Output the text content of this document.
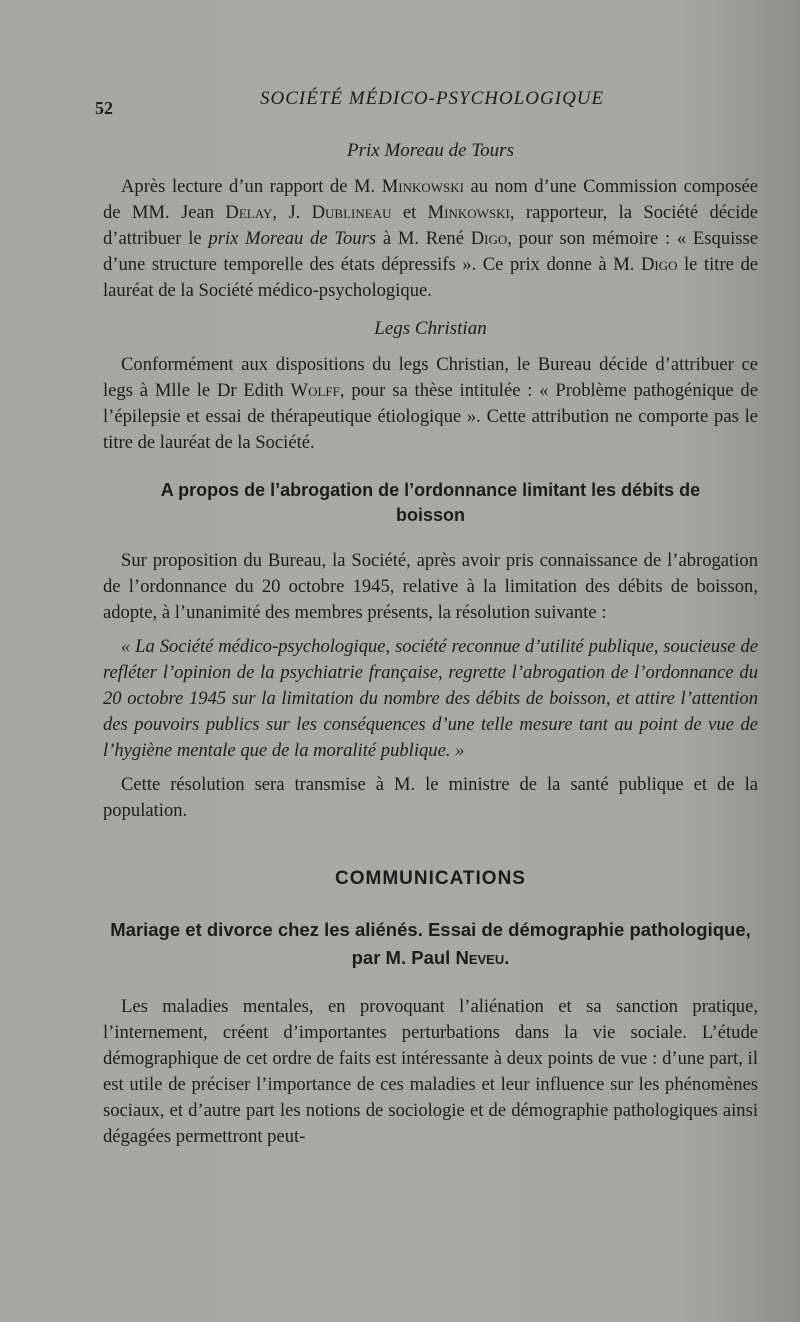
52	SOCIÉTÉ MÉDICO-PSYCHOLOGIQUE
Prix Moreau de Tours

Après lecture d’un rapport de M. Minkowski au nom d’une Commission composée de MM. Jean Delay, J. Dublineau et Minkowski, rapporteur, la Société décide d’attribuer le prix Moreau de Tours à M. René Digo, pour son mémoire : « Esquisse d’une structure temporelle des états dépressifs ». Ce prix donne à M. Digo le titre de lauréat de la Société médico-psychologique.

Legs Christian

Conformément aux dispositions du legs Christian, le Bureau décide d’attribuer ce legs à Mlle le Dr Edith Wolff, pour sa thèse intitulée : « Problème pathogénique de l’épilepsie et essai de thérapeutique étiologique ». Cette attribution ne comporte pas le titre de lauréat de la Société.

A propos de l’abrogation de l’ordonnance limitant les débits de boisson

Sur proposition du Bureau, la Société, après avoir pris connaissance de l’abrogation de l’ordonnance du 20 octobre 1945, relative à la limitation des débits de boisson, adopte, à l’unanimité des membres présents, la résolution suivante :

« La Société médico-psychologique, société reconnue d’utilité publique, soucieuse de refléter l’opinion de la psychiatrie française, regrette l’abrogation de l’ordonnance du 20 octobre 1945 sur la limitation du nombre des débits de boisson, et attire l’attention des pouvoirs publics sur les conséquences d’une telle mesure tant au point de vue de l’hygiène mentale que de la moralité publique. »

Cette résolution sera transmise à M. le ministre de la santé publique et de la population.

COMMUNICATIONS
Mariage et divorce chez les aliénés. Essai de démographie pathologique, par M. Paul Neveu.

Les maladies mentales, en provoquant l’aliénation et sa sanction pratique, l’internement, créent d’importantes perturbations dans la vie sociale. L’étude démographique de cet ordre de faits est intéressante à deux points de vue : d’une part, il est utile de préciser l’importance de ces maladies et leur influence sur les phénomènes sociaux, et d’autre part les notions de sociologie et de démographie pathologiques ainsi dégagées permettront peut-
